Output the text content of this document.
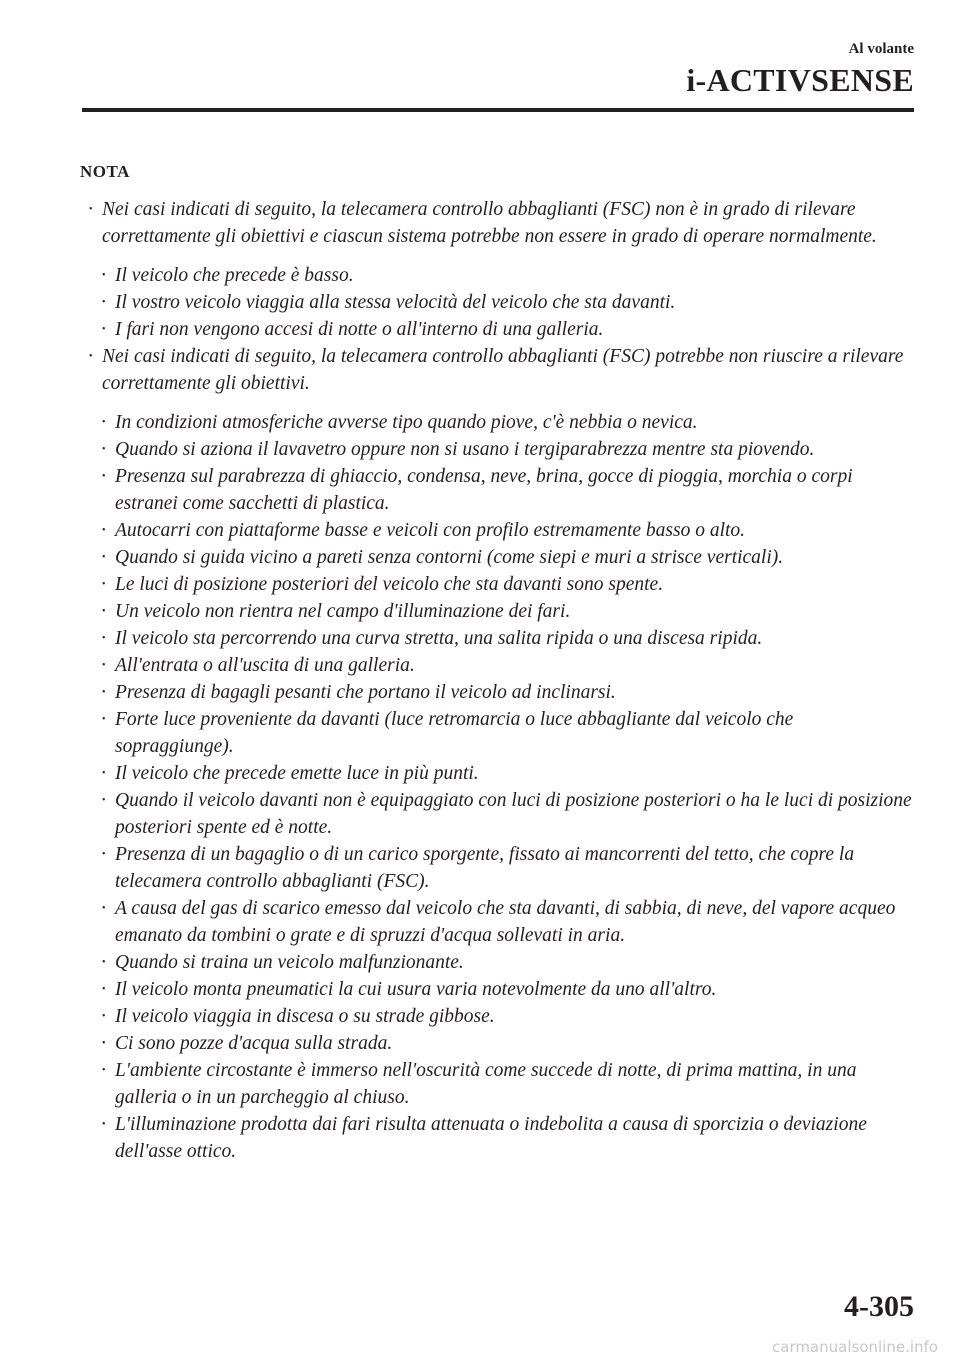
Al volante
i-ACTIVSENSE
NOTA
• Nei casi indicati di seguito, la telecamera controllo abbaglianti (FSC) non è in grado di rilevare correttamente gli obiettivi e ciascun sistema potrebbe non essere in grado di operare normalmente.
• Il veicolo che precede è basso.
• Il vostro veicolo viaggia alla stessa velocità del veicolo che sta davanti.
• I fari non vengono accesi di notte o all'interno di una galleria.
• Nei casi indicati di seguito, la telecamera controllo abbaglianti (FSC) potrebbe non riuscire a rilevare correttamente gli obiettivi.
• In condizioni atmosferiche avverse tipo quando piove, c'è nebbia o nevica.
• Quando si aziona il lavavetro oppure non si usano i tergiparabrezza mentre sta piovendo.
• Presenza sul parabrezza di ghiaccio, condensa, neve, brina, gocce di pioggia, morchia o corpi estranei come sacchetti di plastica.
• Autocarri con piattaforme basse e veicoli con profilo estremamente basso o alto.
• Quando si guida vicino a pareti senza contorni (come siepi e muri a strisce verticali).
• Le luci di posizione posteriori del veicolo che sta davanti sono spente.
• Un veicolo non rientra nel campo d'illuminazione dei fari.
• Il veicolo sta percorrendo una curva stretta, una salita ripida o una discesa ripida.
• All'entrata o all'uscita di una galleria.
• Presenza di bagagli pesanti che portano il veicolo ad inclinarsi.
• Forte luce proveniente da davanti (luce retromarcia o luce abbagliante dal veicolo che sopraggiunge).
• Il veicolo che precede emette luce in più punti.
• Quando il veicolo davanti non è equipaggiato con luci di posizione posteriori o ha le luci di posizione posteriori spente ed è notte.
• Presenza di un bagaglio o di un carico sporgente, fissato ai mancorrenti del tetto, che copre la telecamera controllo abbaglianti (FSC).
• A causa del gas di scarico emesso dal veicolo che sta davanti, di sabbia, di neve, del vapore acqueo emanato da tombini o grate e di spruzzi d'acqua sollevati in aria.
• Quando si traina un veicolo malfunzionante.
• Il veicolo monta pneumatici la cui usura varia notevolmente da uno all'altro.
• Il veicolo viaggia in discesa o su strade gibbose.
• Ci sono pozze d'acqua sulla strada.
• L'ambiente circostante è immerso nell'oscurità come succede di notte, di prima mattina, in una galleria o in un parcheggio al chiuso.
• L'illuminazione prodotta dai fari risulta attenuata o indebolita a causa di sporcizia o deviazione dell'asse ottico.
4-305
carmanualsonline.info
